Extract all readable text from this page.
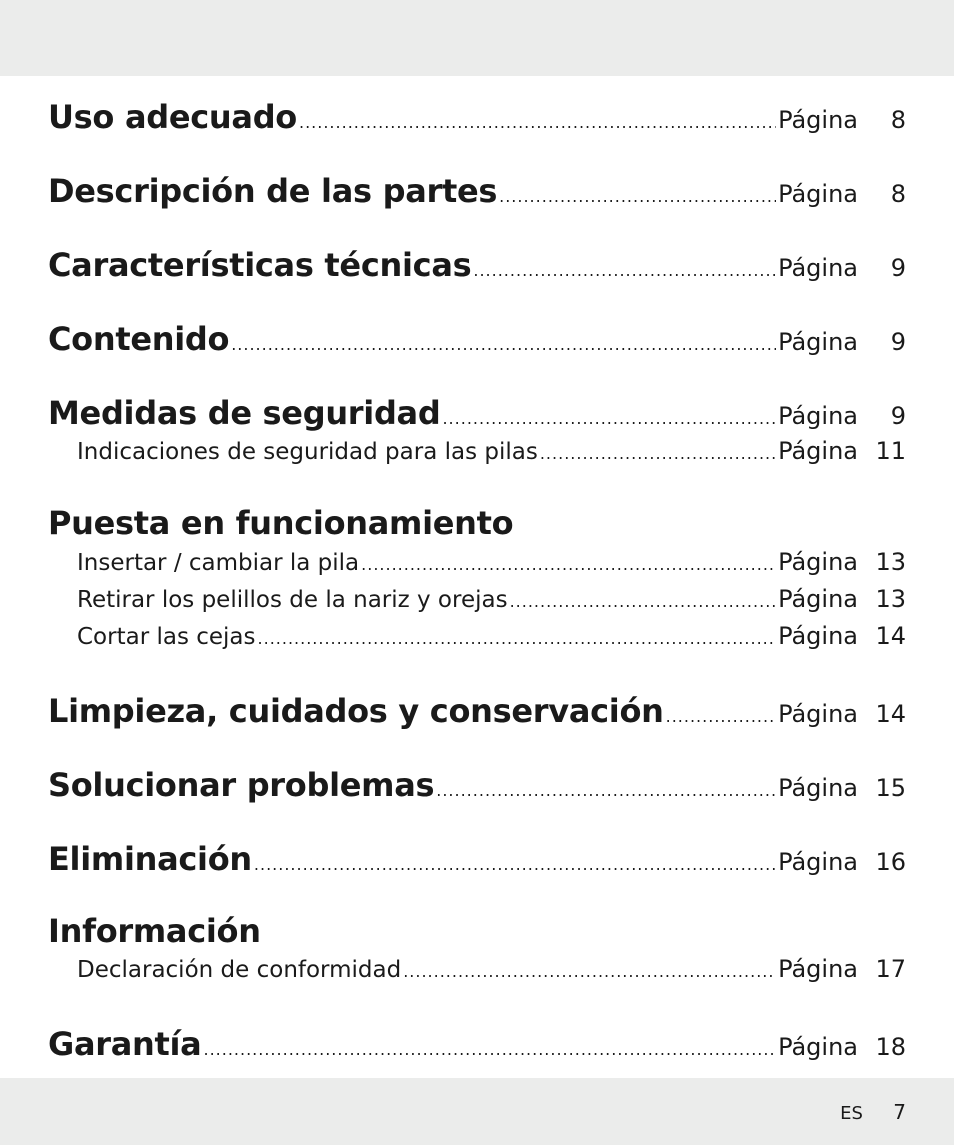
Uso adecuado .....	Página	8
Descripción de las partes .....	Página	8
Características técnicas .....	Página	9
Contenido .....	Página	9
Medidas de seguridad .....	Página	9
Indicaciones de seguridad para las pilas .....	Página 11
Puesta en funcionamiento
Insertar / cambiar la pila .....	Página 13
Retirar los pelillos de la nariz y orejas .....	Página 13
Cortar las cejas .....	Página 14
Limpieza, cuidados y conservación .....	Página 14
Solucionar problemas .....	Página 15
Eliminación .....	Página 16
Información
Declaración de conformidad .....	Página 17
Garantía .....	Página 18
ES 7
